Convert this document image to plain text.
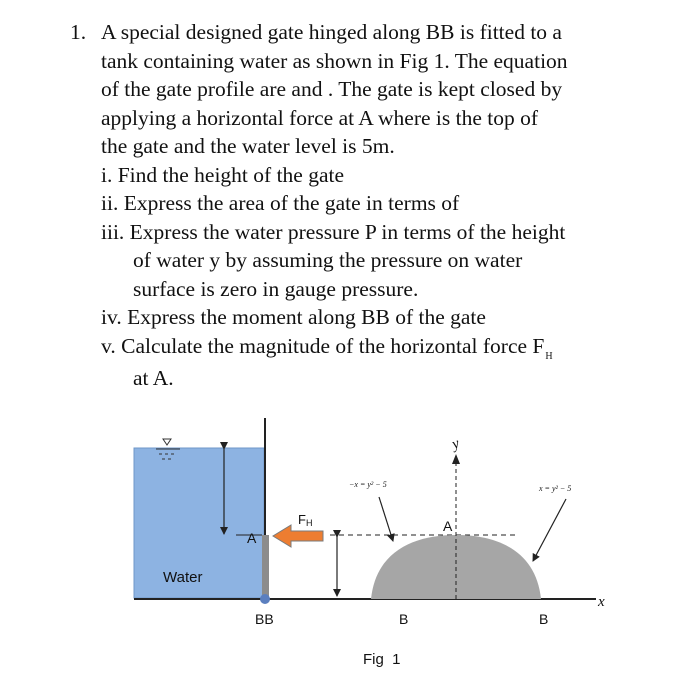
1. A special designed gate hinged along BB is fitted to a
tank containing water as shown in Fig 1. The equation
of the gate profile are and . The gate is kept closed by
applying a horizontal force at A where is the top of
the gate and the water level is 5m.
i. Find the height of the gate
ii. Express the area of the gate in terms of
iii. Express the water pressure P in terms of the height
of water y by assuming the pressure on water
surface is zero in gauge pressure.
iv. Express the moment along BB of the gate
v. Calculate the magnitude of the horizontal force $F_H$
at A.
Water
A
A
FH
BB	B	B
y
x
−x = y² − 5	x = y² − 5
Fig  1
